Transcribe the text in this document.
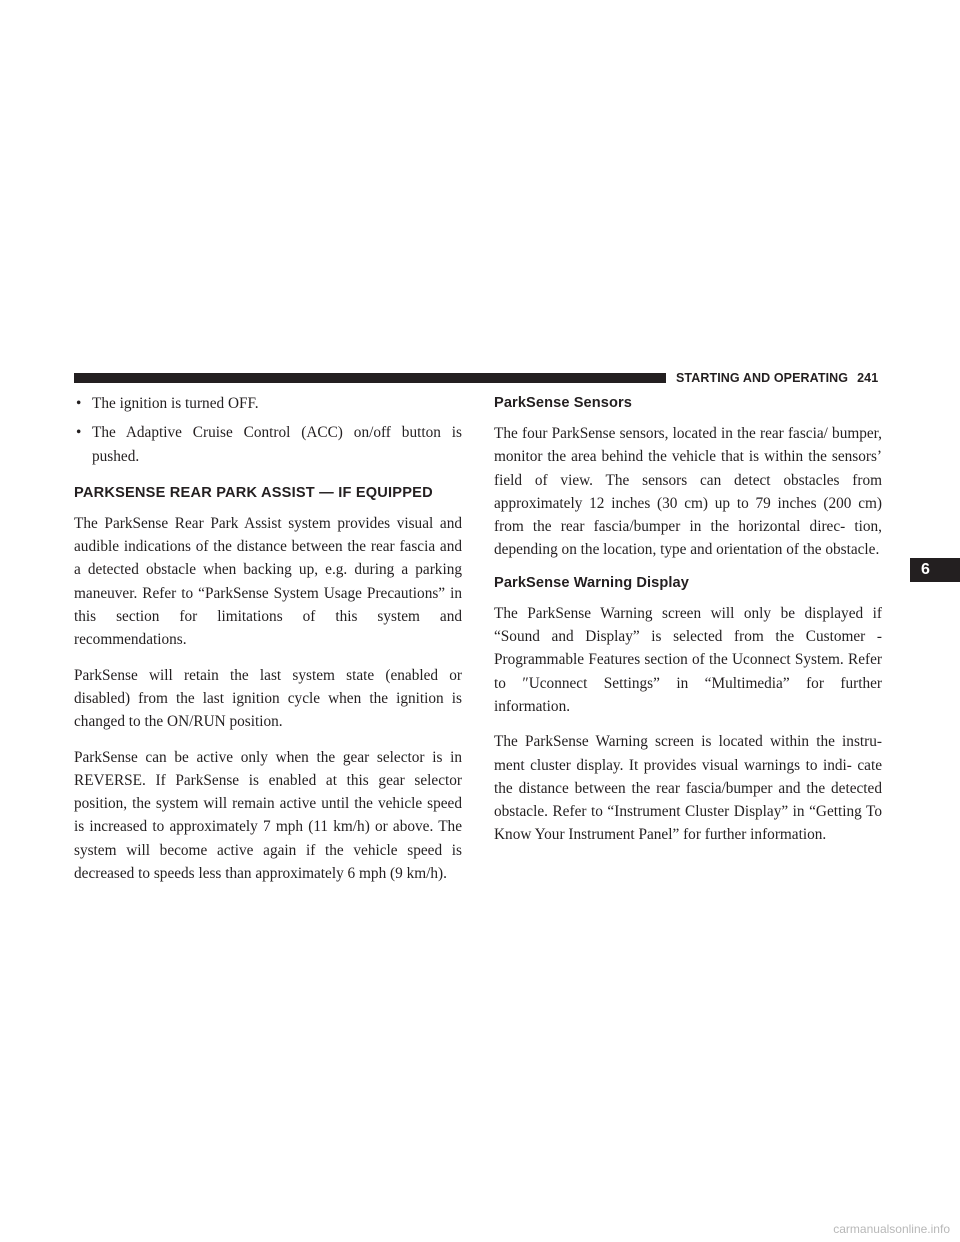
STARTING AND OPERATING 241
• The ignition is turned OFF.
• The Adaptive Cruise Control (ACC) on/off button is pushed.
PARKSENSE REAR PARK ASSIST — IF EQUIPPED

The ParkSense Rear Park Assist system provides visual and audible indications of the distance between the rear fascia and a detected obstacle when backing up, e.g. during a parking maneuver. Refer to “ParkSense System Usage Precautions” in this section for limitations of this system and recommendations.

ParkSense will retain the last system state (enabled or disabled) from the last ignition cycle when the ignition is changed to the ON/RUN position.

ParkSense can be active only when the gear selector is in REVERSE. If ParkSense is enabled at this gear selector position, the system will remain active until the vehicle speed is increased to approximately 7 mph (11 km/h) or above. The system will become active again if the vehicle speed is decreased to speeds less than approximately 6 mph (9 km/h).

ParkSense Sensors

The four ParkSense sensors, located in the rear fascia/ bumper, monitor the area behind the vehicle that is within the sensors’ field of view. The sensors can detect obstacles from approximately 12 inches (30 cm) up to 79 inches (200 cm) from the rear fascia/bumper in the horizontal direc- tion, depending on the location, type and orientation of the obstacle.

ParkSense Warning Display

The ParkSense Warning screen will only be displayed if “Sound and Display” is selected from the Customer - Programmable Features section of the Uconnect System. Refer to ″Uconnect Settings” in “Multimedia” for further information.

The ParkSense Warning screen is located within the instru- ment cluster display. It provides visual warnings to indi- cate the distance between the rear fascia/bumper and the detected obstacle. Refer to “Instrument Cluster Display” in “Getting To Know Your Instrument Panel” for further information.

6
carmanualsonline.info
